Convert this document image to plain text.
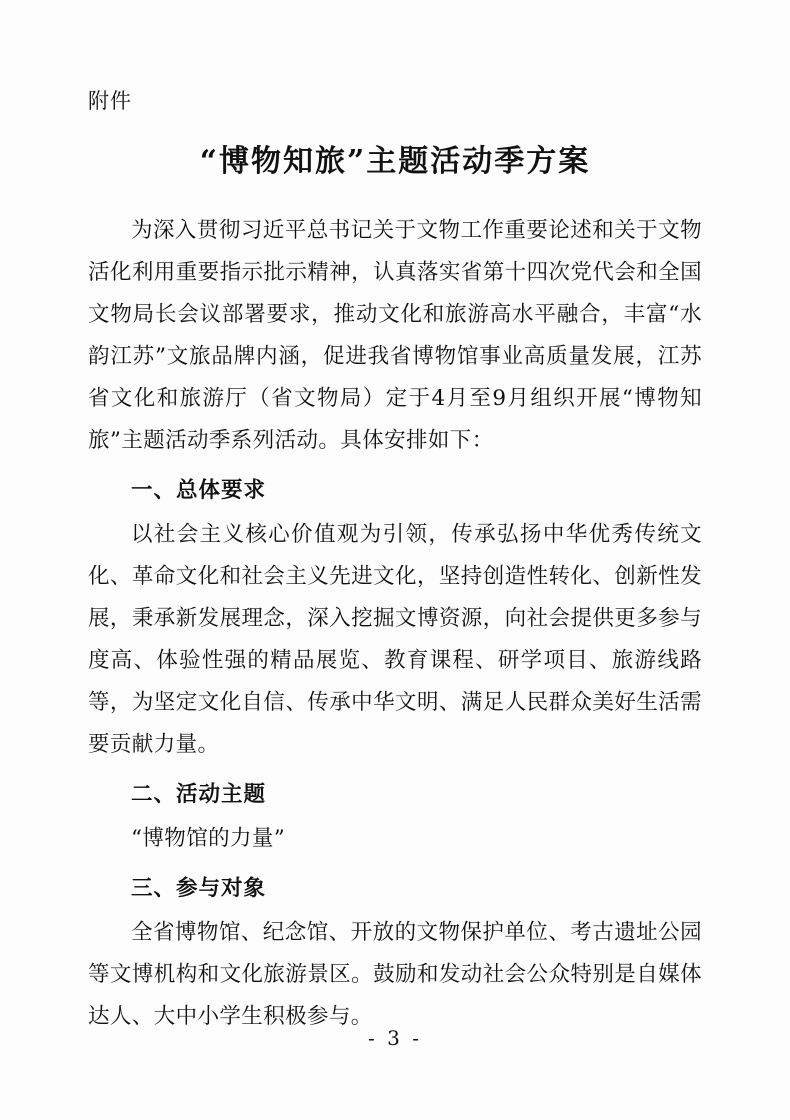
附件
“博物知旅”主题活动季方案

为深入贯彻习近平总书记关于文物工作重要论述和关于文物活化利用重要指示批示精神，认真落实省第十四次党代会和全国文物局长会议部署要求，推动文化和旅游高水平融合，丰富“水韵江苏”文旅品牌内涵，促进我省博物馆事业高质量发展，江苏省文化和旅游厅（省文物局）定于4月至9月组织开展“博物知旅”主题活动季系列活动。具体安排如下：

一、总体要求

以社会主义核心价值观为引领，传承弘扬中华优秀传统文化、革命文化和社会主义先进文化，坚持创造性转化、创新性发展，秉承新发展理念，深入挖掘文博资源，向社会提供更多参与度高、体验性强的精品展览、教育课程、研学项目、旅游线路等，为坚定文化自信、传承中华文明、满足人民群众美好生活需要贡献力量。

二、活动主题

“博物馆的力量”

三、参与对象

全省博物馆、纪念馆、开放的文物保护单位、考古遗址公园等文博机构和文化旅游景区。鼓励和发动社会公众特别是自媒体达人、大中小学生积极参与。

- 3 -
